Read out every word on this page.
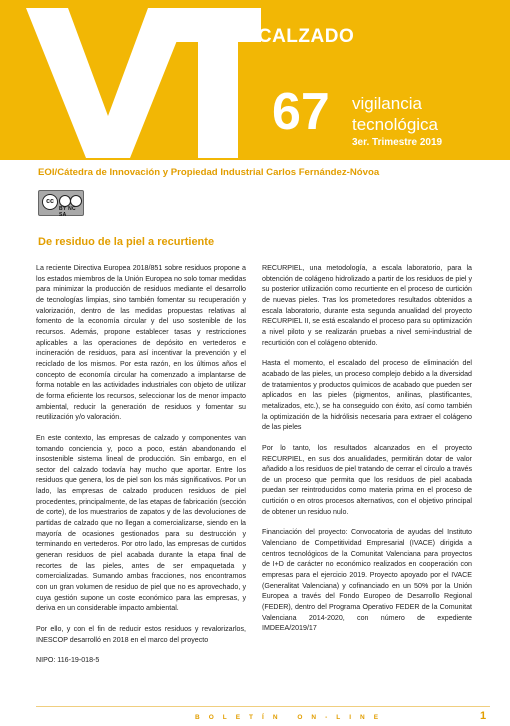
SECTORCALZADO
67 vigilancia
tecnológica
3er. Trimestre 2019
EOI/Cátedra de Innovación y Propiedad Industrial Carlos Fernández-Nóvoa
cc
BY NC SA
De residuo de la piel a recurtiente

La reciente Directiva Europea 2018/851 sobre residuos propone a los estados miembros de la Unión Europea no solo tomar medidas para minimizar la producción de residuos mediante el desarrollo de tecnologías limpias, sino también fomentar su recuperación y valorización, dentro de las medidas propuestas relativas al fomento de la economía circular y del uso sostenible de los recursos. Además, propone establecer tasas y restricciones aplicables a las operaciones de depósito en vertederos e incineración de residuos, para así incentivar la prevención y el reciclado de los mismos. Por esta razón, en los últimos años el concepto de economía circular ha comenzado a implantarse de forma notable en las actividades industriales con objeto de utilizar de forma eficiente los recursos, seleccionar los de menor impacto ambiental, reducir la generación de residuos y fomentar su reutilización y/o valoración.

En este contexto, las empresas de calzado y componentes van tomando conciencia y, poco a poco, están abandonando el insostenible sistema lineal de producción. Sin embargo, en el sector del calzado todavía hay mucho que aportar. Entre los residuos que genera, los de piel son los más significativos. Por un lado, las empresas de calzado producen residuos de piel procedentes, principalmente, de las etapas de fabricación (sección de corte), de los muestrarios de zapatos y de las devoluciones de partidas de calzado que no llegan a comercializarse, siendo en la mayoría de ocasiones gestionados para su destrucción y terminando en vertederos. Por otro lado, las empresas de curtidos generan residuos de piel acabada durante la etapa final de recortes de las pieles, antes de ser empaquetada y comercializadas. Sumando ambas fracciones, nos encontramos con un gran volumen de residuo de piel que no es aprovechado, y cuya gestión supone un coste económico para las empresas, y deriva en un considerable impacto ambiental.

Por ello, y con el fin de reducir estos residuos y revalorizarlos, INESCOP desarrolló en 2018 en el marco del proyecto

RECURPIEL, una metodología, a escala laboratorio, para la obtención de colágeno hidrolizado a partir de los residuos de piel y su posterior utilización como recurtiente en el proceso de curtición de nuevas pieles. Tras los prometedores resultados obtenidos a escala laboratorio, durante esta segunda anualidad del proyecto RECURPIEL II, se está escalando el proceso para su optimización a nivel piloto y se realizarán pruebas a nivel semi-industrial de recurtición con el colágeno obtenido.

Hasta el momento, el escalado del proceso de eliminación del acabado de las pieles, un proceso complejo debido a la diversidad de tratamientos y productos químicos de acabado que pueden ser aplicados en las pieles (pigmentos, anilinas, plastificantes, metalizados, etc.), se ha conseguido con éxito, así como también la optimización de la hidrólisis necesaria para extraer el colágeno de las pieles

Por lo tanto, los resultados alcanzados en el proyecto RECURPIEL, en sus dos anualidades, permitirán dotar de valor añadido a los residuos de piel tratando de cerrar el círculo a través de un proceso que permita que los residuos de piel acabada puedan ser reintroducidos como materia prima en el proceso de curtición o en otros procesos alternativos, con el objetivo principal de obtener un residuo nulo.

Financiación del proyecto: Convocatoria de ayudas del Instituto Valenciano de Competitividad Empresarial (IVACE) dirigida a centros tecnológicos de la Comunitat Valenciana para proyectos de I+D de carácter no económico realizados en cooperación con empresas para el ejercicio 2019. Proyecto apoyado por el IVACE (Generalitat Valenciana) y cofinanciado en un 50% por la Unión Europea a través del Fondo Europeo de Desarrollo Regional (FEDER), dentro del Programa Operativo FEDER de la Comunitat Valenciana 2014-2020, con número de expediente IMDEEA/2019/17

NIPO: 116-19-018-5
BOLETÍN ON-LINE	1
